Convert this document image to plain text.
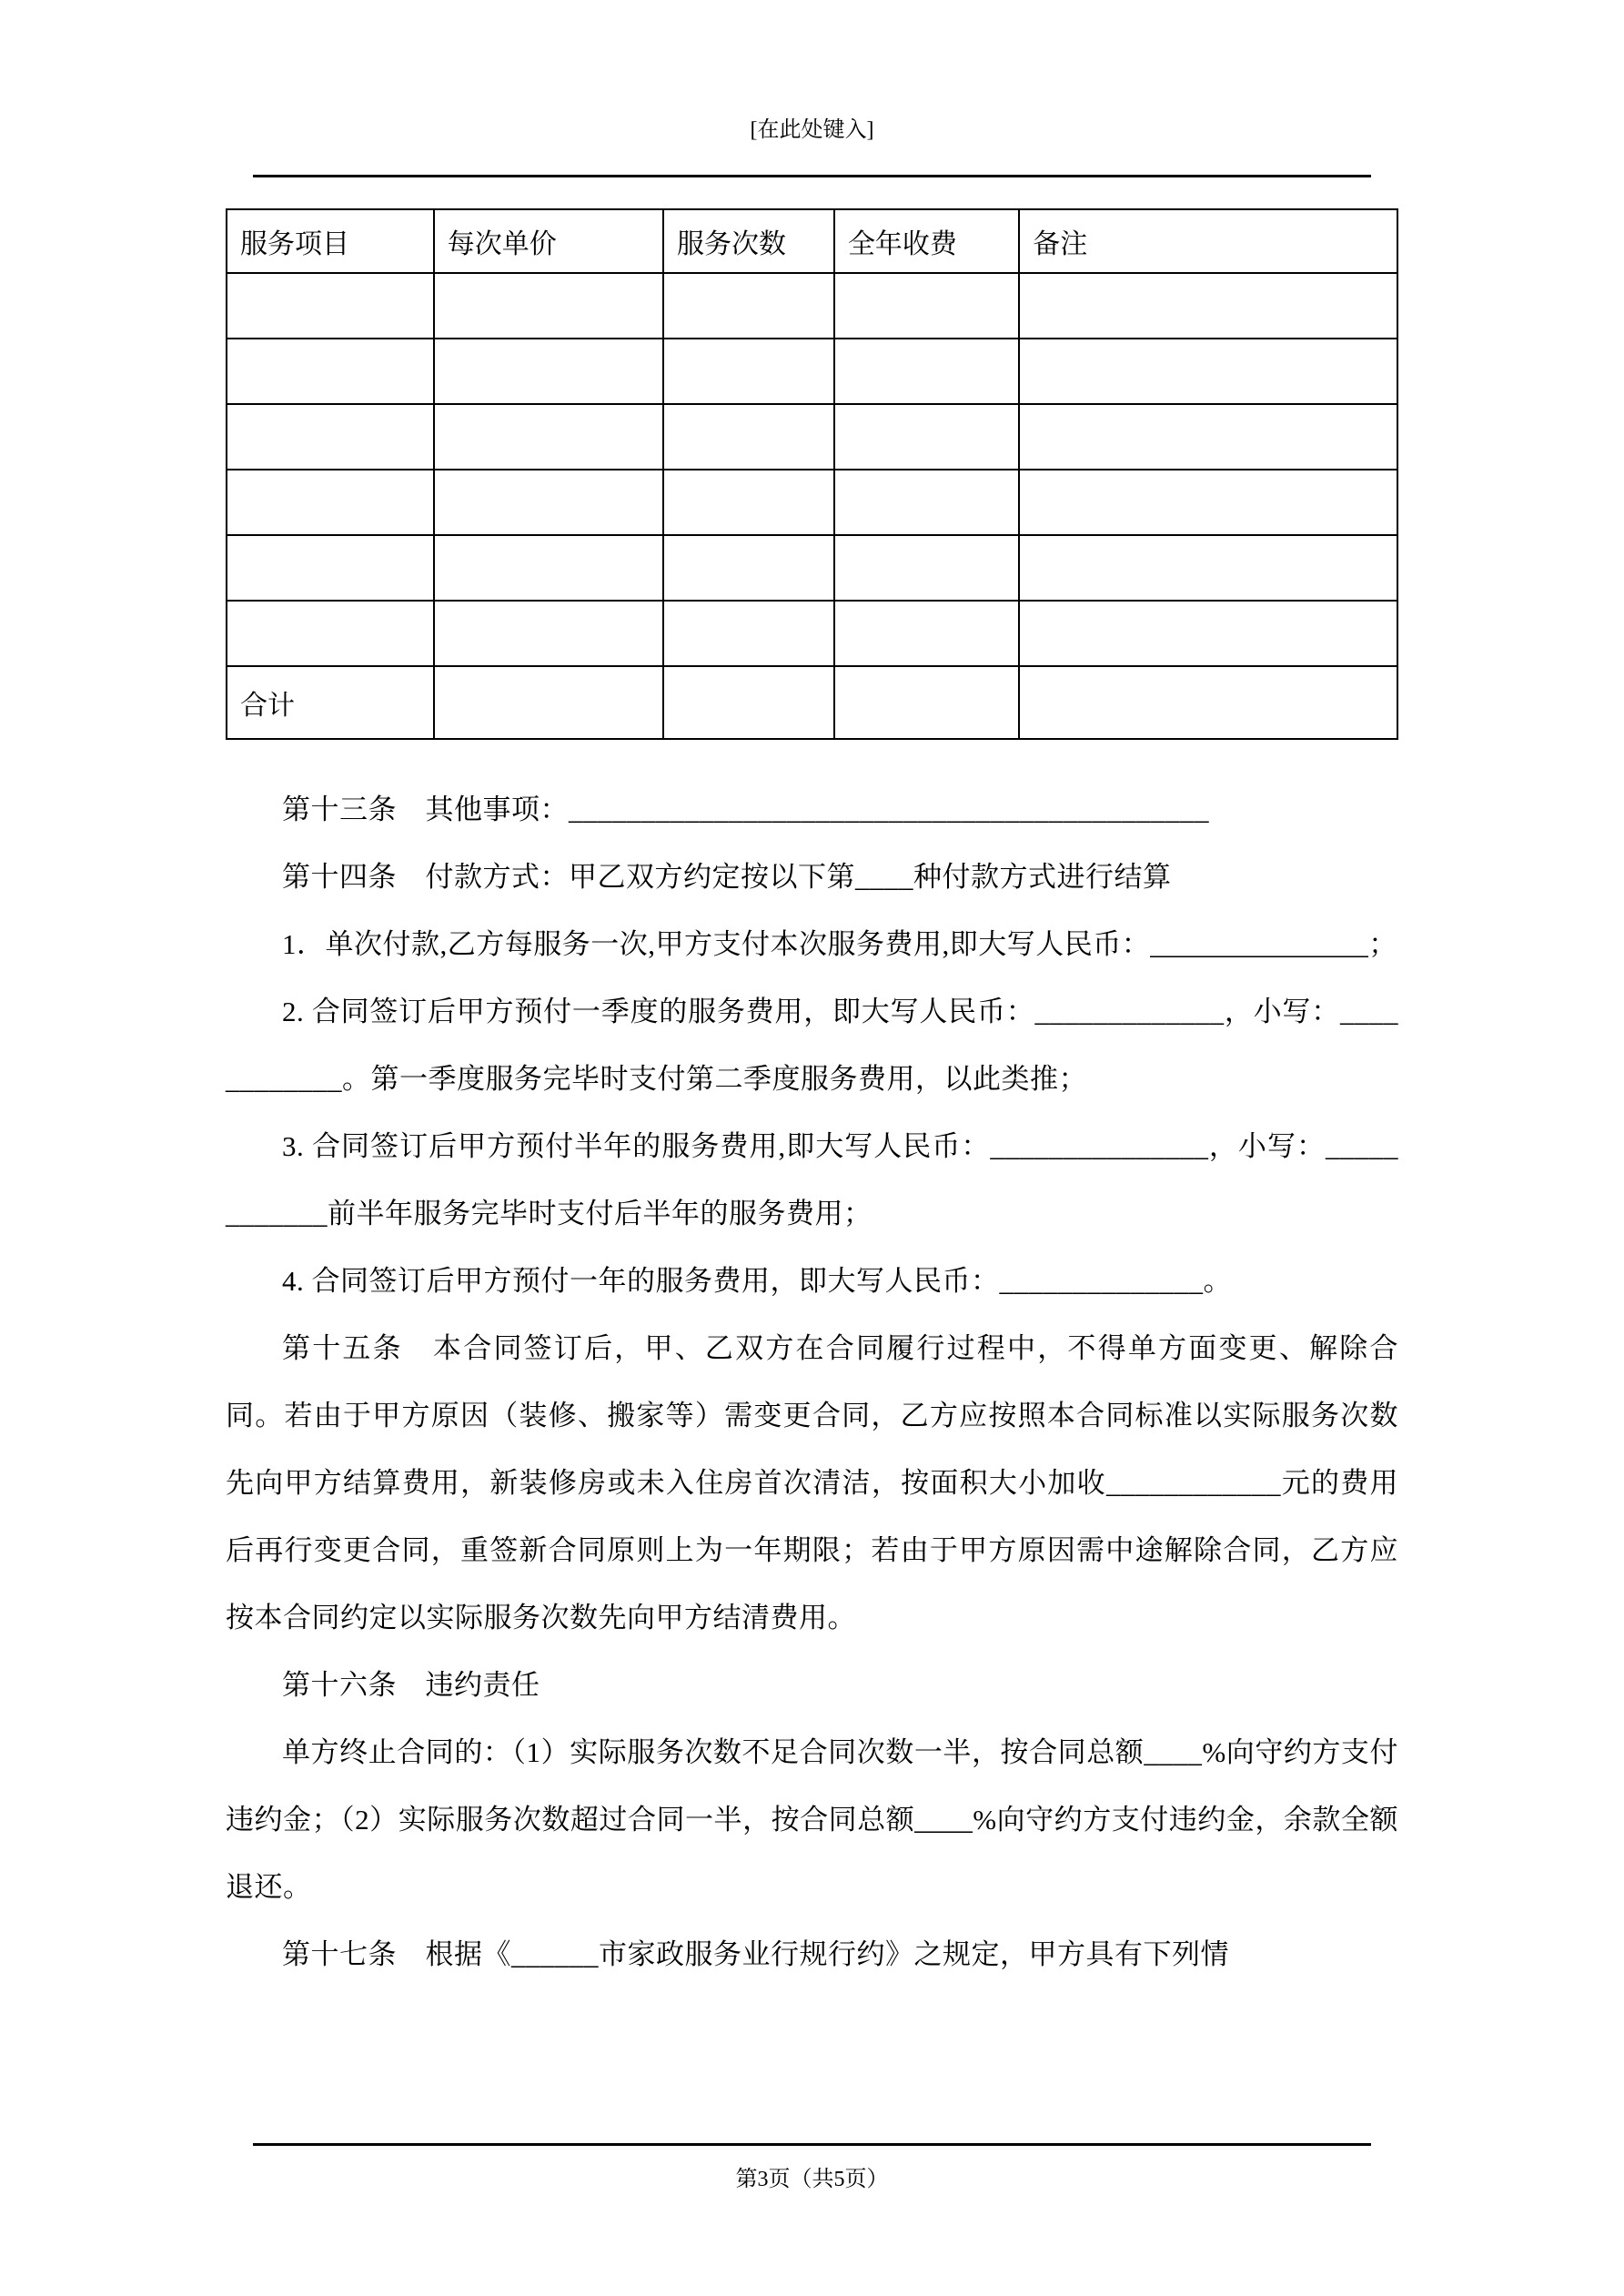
[在此处键入]
服务项目	每次单价	服务次数	全年收费	备注

合计				

第十三条　其他事项：____________________________________________

第十四条　付款方式：甲乙双方约定按以下第____种付款方式进行结算

1．单次付款,乙方每服务一次,甲方支付本次服务费用,即大写人民币：_______________；

2. 合同签订后甲方预付一季度的服务费用，即大写人民币：_____________，小写：____________。第一季度服务完毕时支付第二季度服务费用，以此类推；

3. 合同签订后甲方预付半年的服务费用,即大写人民币：_______________，小写：____________前半年服务完毕时支付后半年的服务费用；

4. 合同签订后甲方预付一年的服务费用，即大写人民币：______________。

第十五条　本合同签订后，甲、乙双方在合同履行过程中，不得单方面变更、解除合同。若由于甲方原因（装修、搬家等）需变更合同，乙方应按照本合同标准以实际服务次数先向甲方结算费用，新装修房或未入住房首次清洁，按面积大小加收____________元的费用后再行变更合同，重签新合同原则上为一年期限；若由于甲方原因需中途解除合同，乙方应按本合同约定以实际服务次数先向甲方结清费用。

第十六条　违约责任

单方终止合同的：（1）实际服务次数不足合同次数一半，按合同总额____%向守约方支付违约金；（2）实际服务次数超过合同一半，按合同总额____%向守约方支付违约金，余款全额退还。

第十七条　根据《______市家政服务业行规行约》之规定，甲方具有下列情

第3页（共5页）
